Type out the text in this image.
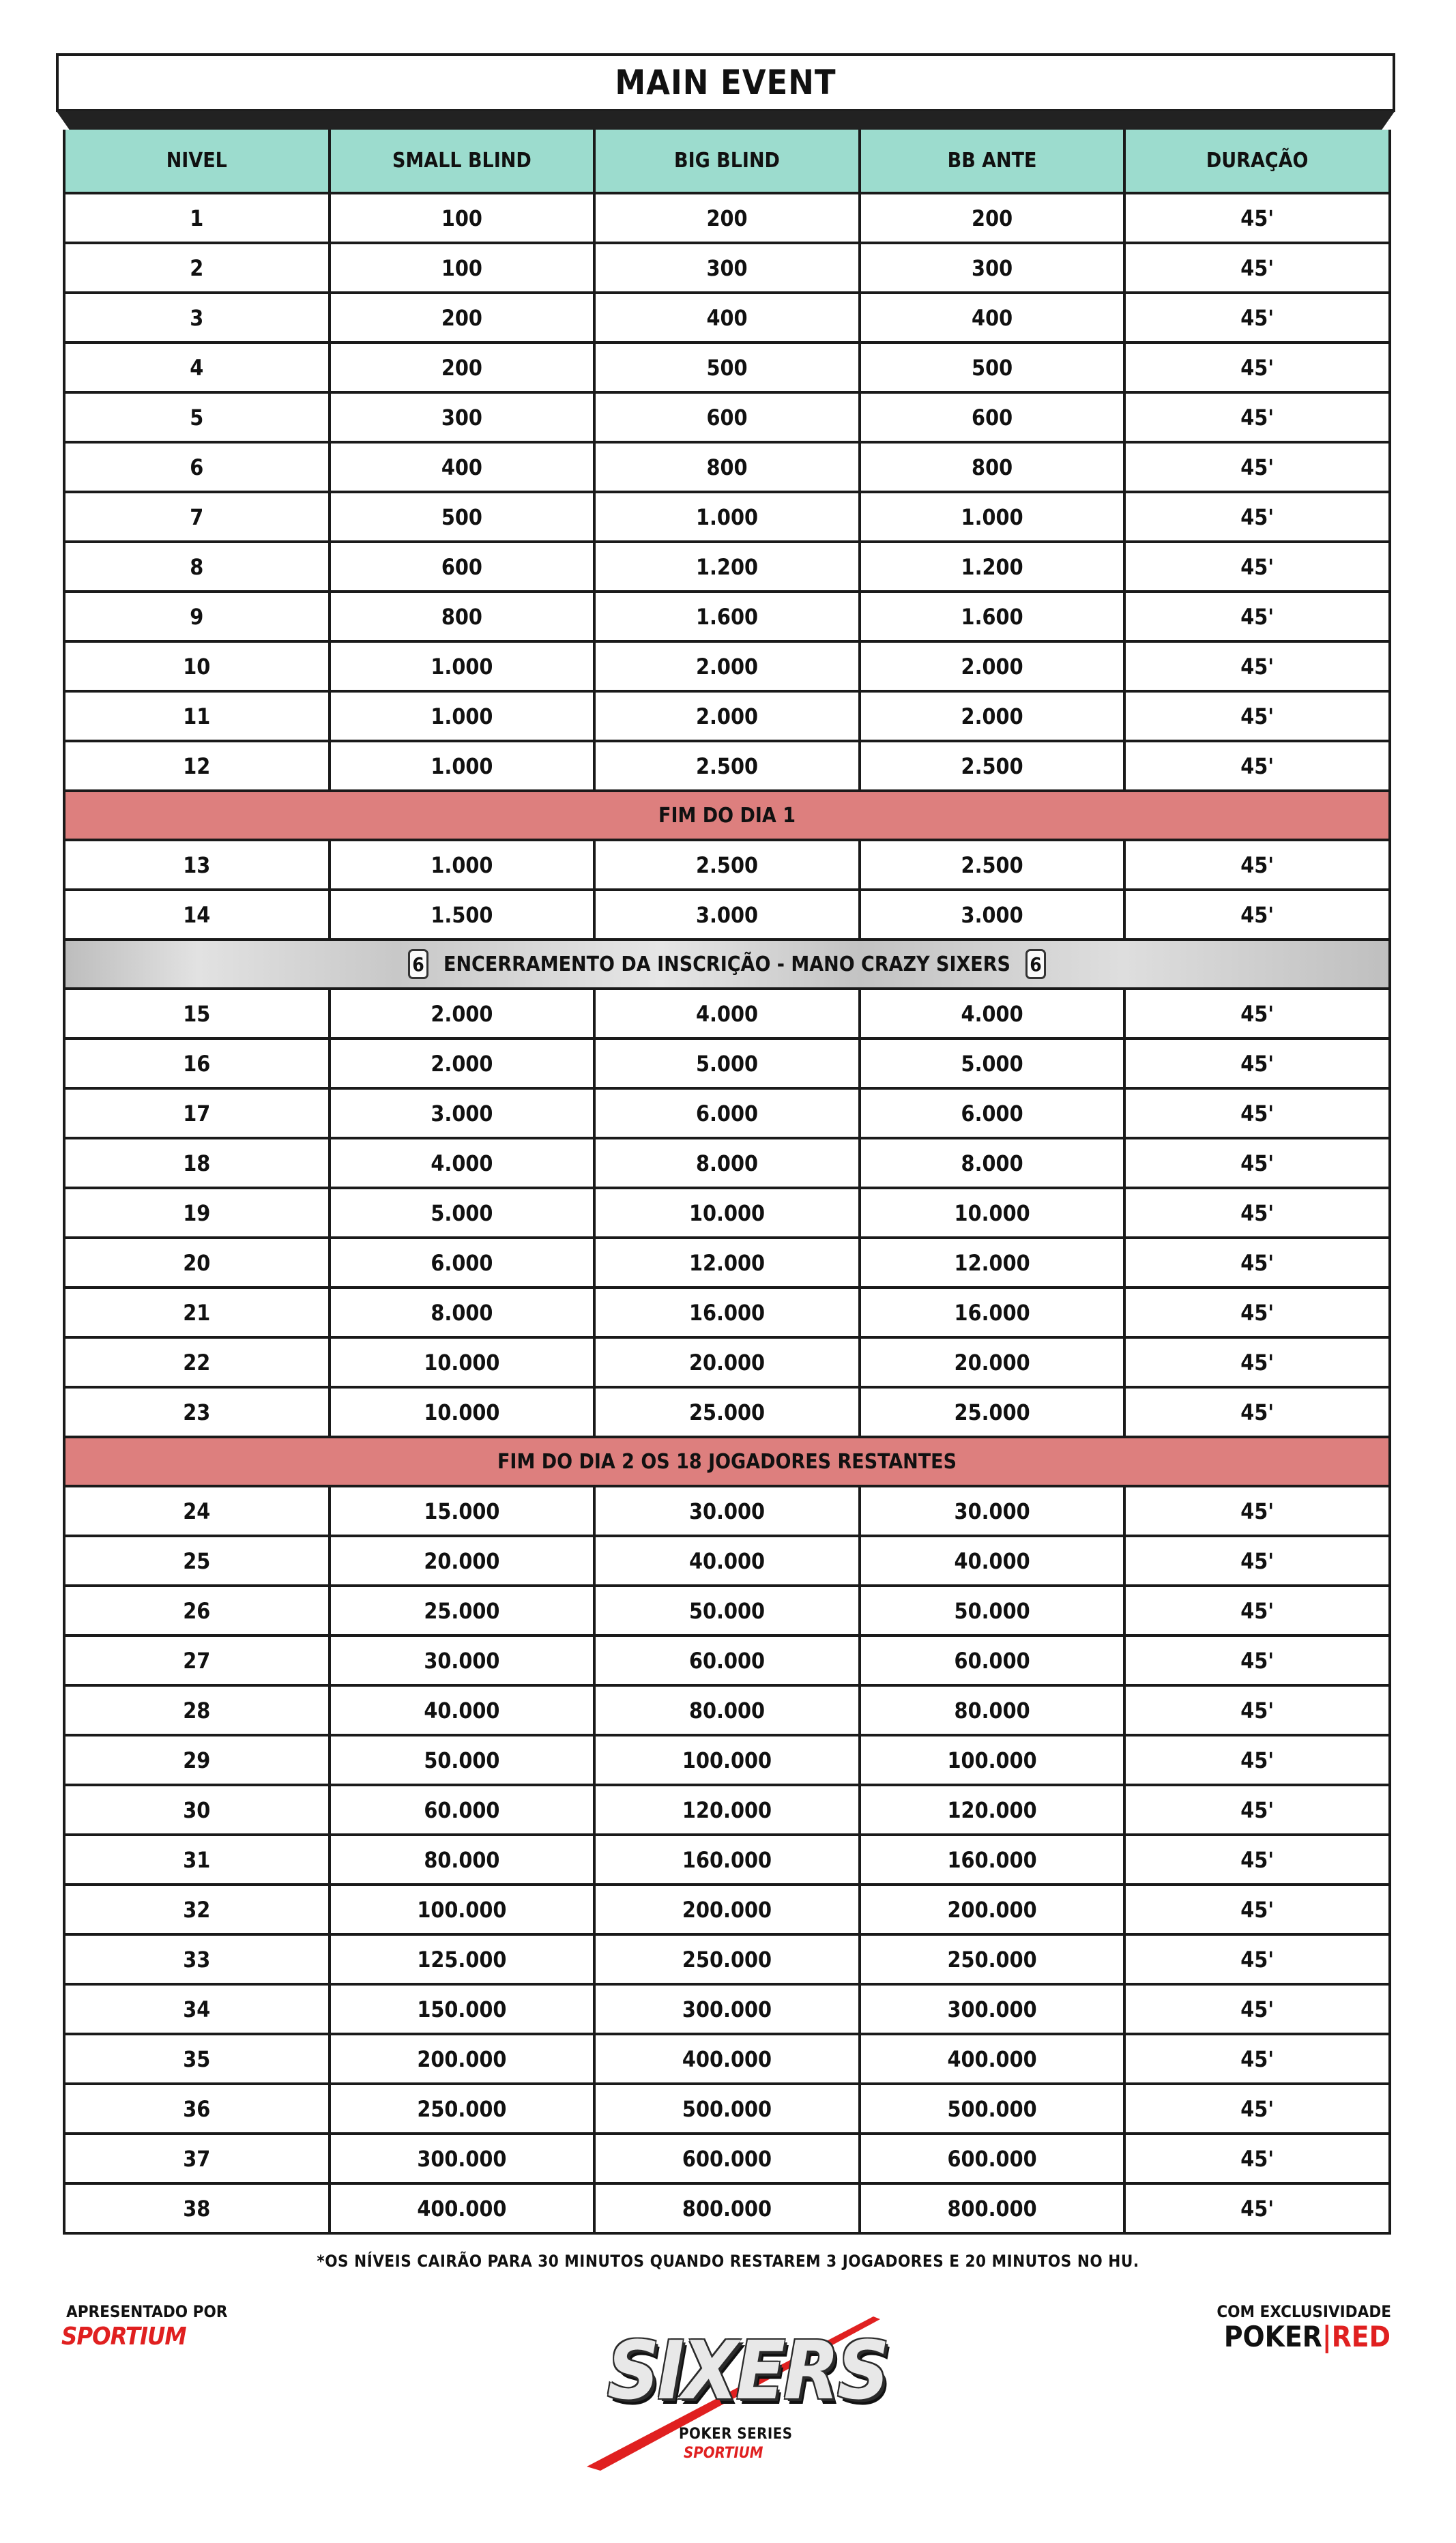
MAIN EVENT
NIVEL	SMALL BLIND	BIG BLIND	BB ANTE	DURAÇÃO
1	100	200	200	45'
2	100	300	300	45'
3	200	400	400	45'
4	200	500	500	45'
5	300	600	600	45'
6	400	800	800	45'
7	500	1.000	1.000	45'
8	600	1.200	1.200	45'
9	800	1.600	1.600	45'
10	1.000	2.000	2.000	45'
11	1.000	2.000	2.000	45'
12	1.000	2.500	2.500	45'
FIM DO DIA 1
13	1.000	2.500	2.500	45'
14	1.500	3.000	3.000	45'
6 ENCERRAMENTO DA INSCRIÇÃO - MANO CRAZY SIXERS 6
15	2.000	4.000	4.000	45'
16	2.000	5.000	5.000	45'
17	3.000	6.000	6.000	45'
18	4.000	8.000	8.000	45'
19	5.000	10.000	10.000	45'
20	6.000	12.000	12.000	45'
21	8.000	16.000	16.000	45'
22	10.000	20.000	20.000	45'
23	10.000	25.000	25.000	45'
FIM DO DIA 2 OS 18 JOGADORES RESTANTES
24	15.000	30.000	30.000	45'
25	20.000	40.000	40.000	45'
26	25.000	50.000	50.000	45'
27	30.000	60.000	60.000	45'
28	40.000	80.000	80.000	45'
29	50.000	100.000	100.000	45'
30	60.000	120.000	120.000	45'
31	80.000	160.000	160.000	45'
32	100.000	200.000	200.000	45'
33	125.000	250.000	250.000	45'
34	150.000	300.000	300.000	45'
35	200.000	400.000	400.000	45'
36	250.000	500.000	500.000	45'
37	300.000	600.000	600.000	45'
38	400.000	800.000	800.000	45'
*OS NÍVEIS CAIRÃO PARA 30 MINUTOS QUANDO RESTAREM 3 JOGADORES E 20 MINUTOS NO HU.
APRESENTADO POR
SPORTIUM
COM EXCLUSIVIDADE
POKER|RED
SIXERS
POKER SERIES
SPORTIUM
